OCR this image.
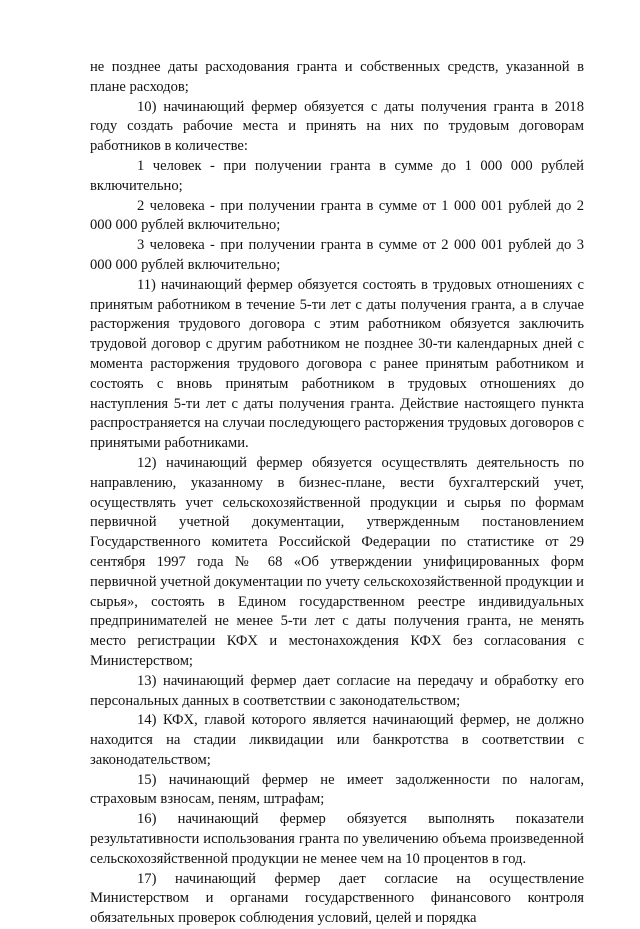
не позднее даты расходования гранта и собственных средств, указанной в плане расходов;

10) начинающий фермер обязуется с даты получения гранта в 2018 году создать рабочие места и принять на них по трудовым договорам работников в количестве:

1 человек - при получении гранта в сумме до 1 000 000 рублей включительно;

2 человека - при получении гранта в сумме от 1 000 001 рублей до 2 000 000 рублей включительно;

3 человека - при получении гранта в сумме от 2 000 001 рублей до 3 000 000 рублей включительно;

11) начинающий фермер обязуется состоять в трудовых отношениях с принятым работником в течение 5-ти лет с даты получения гранта, а в случае расторжения трудового договора с этим работником обязуется заключить трудовой договор с другим работником не позднее 30-ти календарных дней с момента расторжения трудового договора с ранее принятым работником и состоять с вновь принятым работником в трудовых отношениях до наступления 5-ти лет с даты получения гранта. Действие настоящего пункта распространяется на случаи последующего расторжения трудовых договоров с принятыми работниками.

12) начинающий фермер обязуется осуществлять деятельность по направлению, указанному в бизнес-плане, вести бухгалтерский учет, осуществлять учет сельскохозяйственной продукции и сырья по формам первичной учетной документации, утвержденным постановлением Государственного комитета Российской Федерации по статистике от 29 сентября 1997 года № 68 «Об утверждении унифицированных форм первичной учетной документации по учету сельскохозяйственной продукции и сырья», состоять в Едином государственном реестре индивидуальных предпринимателей не менее 5-ти лет с даты получения гранта, не менять место регистрации КФХ и местонахождения КФХ без согласования с Министерством;

13) начинающий фермер дает согласие на передачу и обработку его персональных данных в соответствии с законодательством;

14) КФХ, главой которого является начинающий фермер, не должно находится на стадии ликвидации или банкротства в соответствии с законодательством;

15) начинающий фермер не имеет задолженности по налогам, страховым взносам, пеням, штрафам;

16) начинающий фермер обязуется выполнять показатели результативности использования гранта по увеличению объема произведенной сельскохозяйственной продукции не менее чем на 10 процентов в год.

17) начинающий фермер дает согласие на осуществление Министерством и органами государственного финансового контроля обязательных проверок соблюдения условий, целей и порядка
